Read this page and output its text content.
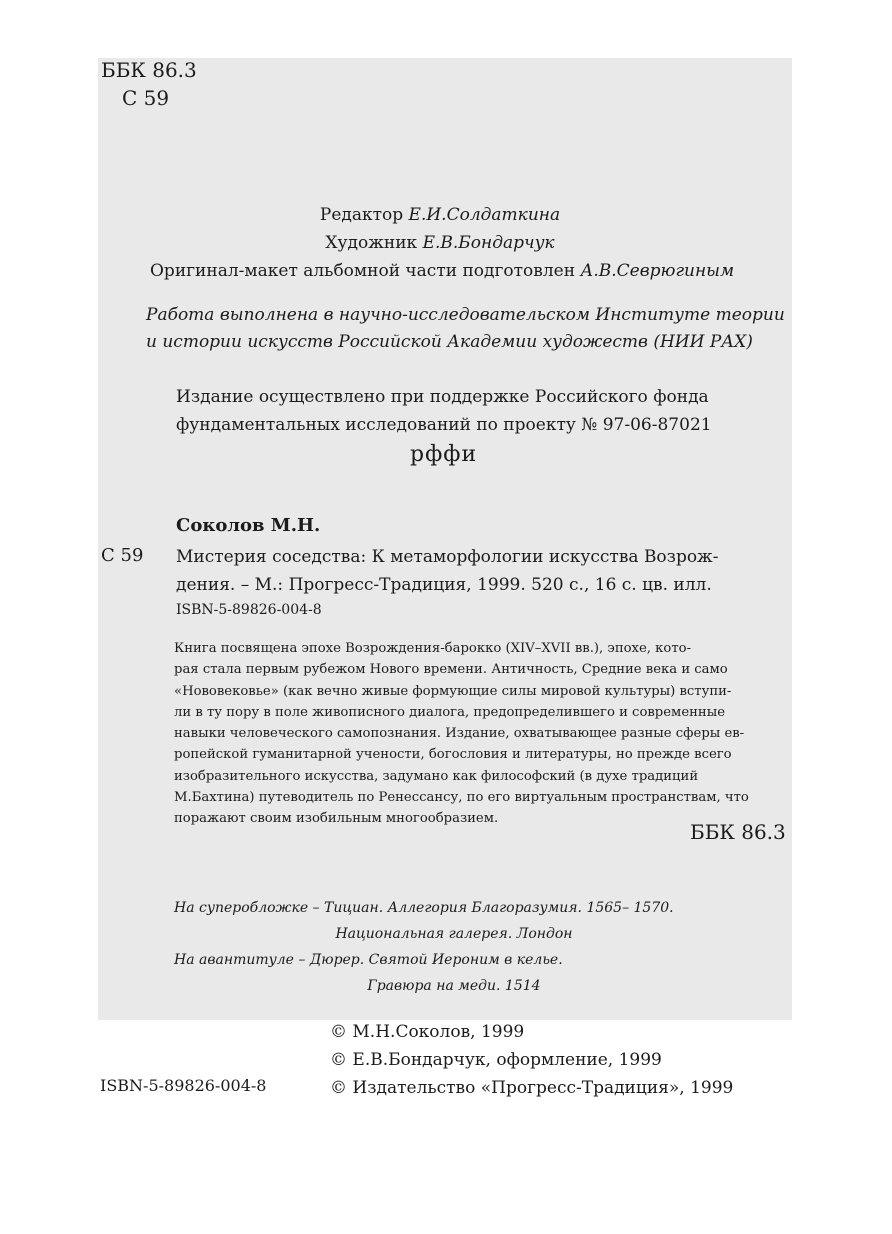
ББК 86.3
С 59
Редактор Е.И.Солдаткина
Художник Е.В.Бондарчук
Оригинал-макет альбомной части подготовлен А.В.Севрюгиным
Работа выполнена в научно-исследовательском Институте теории
и истории искусств Российской Академии художеств (НИИ РАХ)
Издание осуществлено при поддержке Российского фонда
фундаментальных исследований по проекту № 97-06-87021
рффи
Соколов М.Н.
С 59 Мистерия соседства: К метаморфологии искусства Возрож-
дения. – М.: Прогресс-Традиция, 1999. 520 с., 16 с. цв. илл.
ISBN-5-89826-004-8
Книга посвящена эпохе Возрождения-барокко (XIV–XVII вв.), эпохе, кото-
рая стала первым рубежом Нового времени. Античность, Средние века и само
«Нововековье» (как вечно живые формующие силы мировой культуры) вступи-
ли в ту пору в поле живописного диалога, предопределившего и современные
навыки человеческого самопознания. Издание, охватывающее разные сферы ев-
ропейской гуманитарной учености, богословия и литературы, но прежде всего
изобразительного искусства, задумано как философский (в духе традиций
М.Бахтина) путеводитель по Ренессансу, по его виртуальным пространствам, что
поражают своим изобильным многообразием.
ББК 86.3
На суперобложке – Тициан. Аллегория Благоразумия. 1565– 1570.
Национальная галерея. Лондон
На авантитуле – Дюрер. Святой Иероним в келье.
Гравюра на меди. 1514
© М.Н.Соколов, 1999
© Е.В.Бондарчук, оформление, 1999
© Издательство «Прогресс-Традиция», 1999
ISBN-5-89826-004-8
